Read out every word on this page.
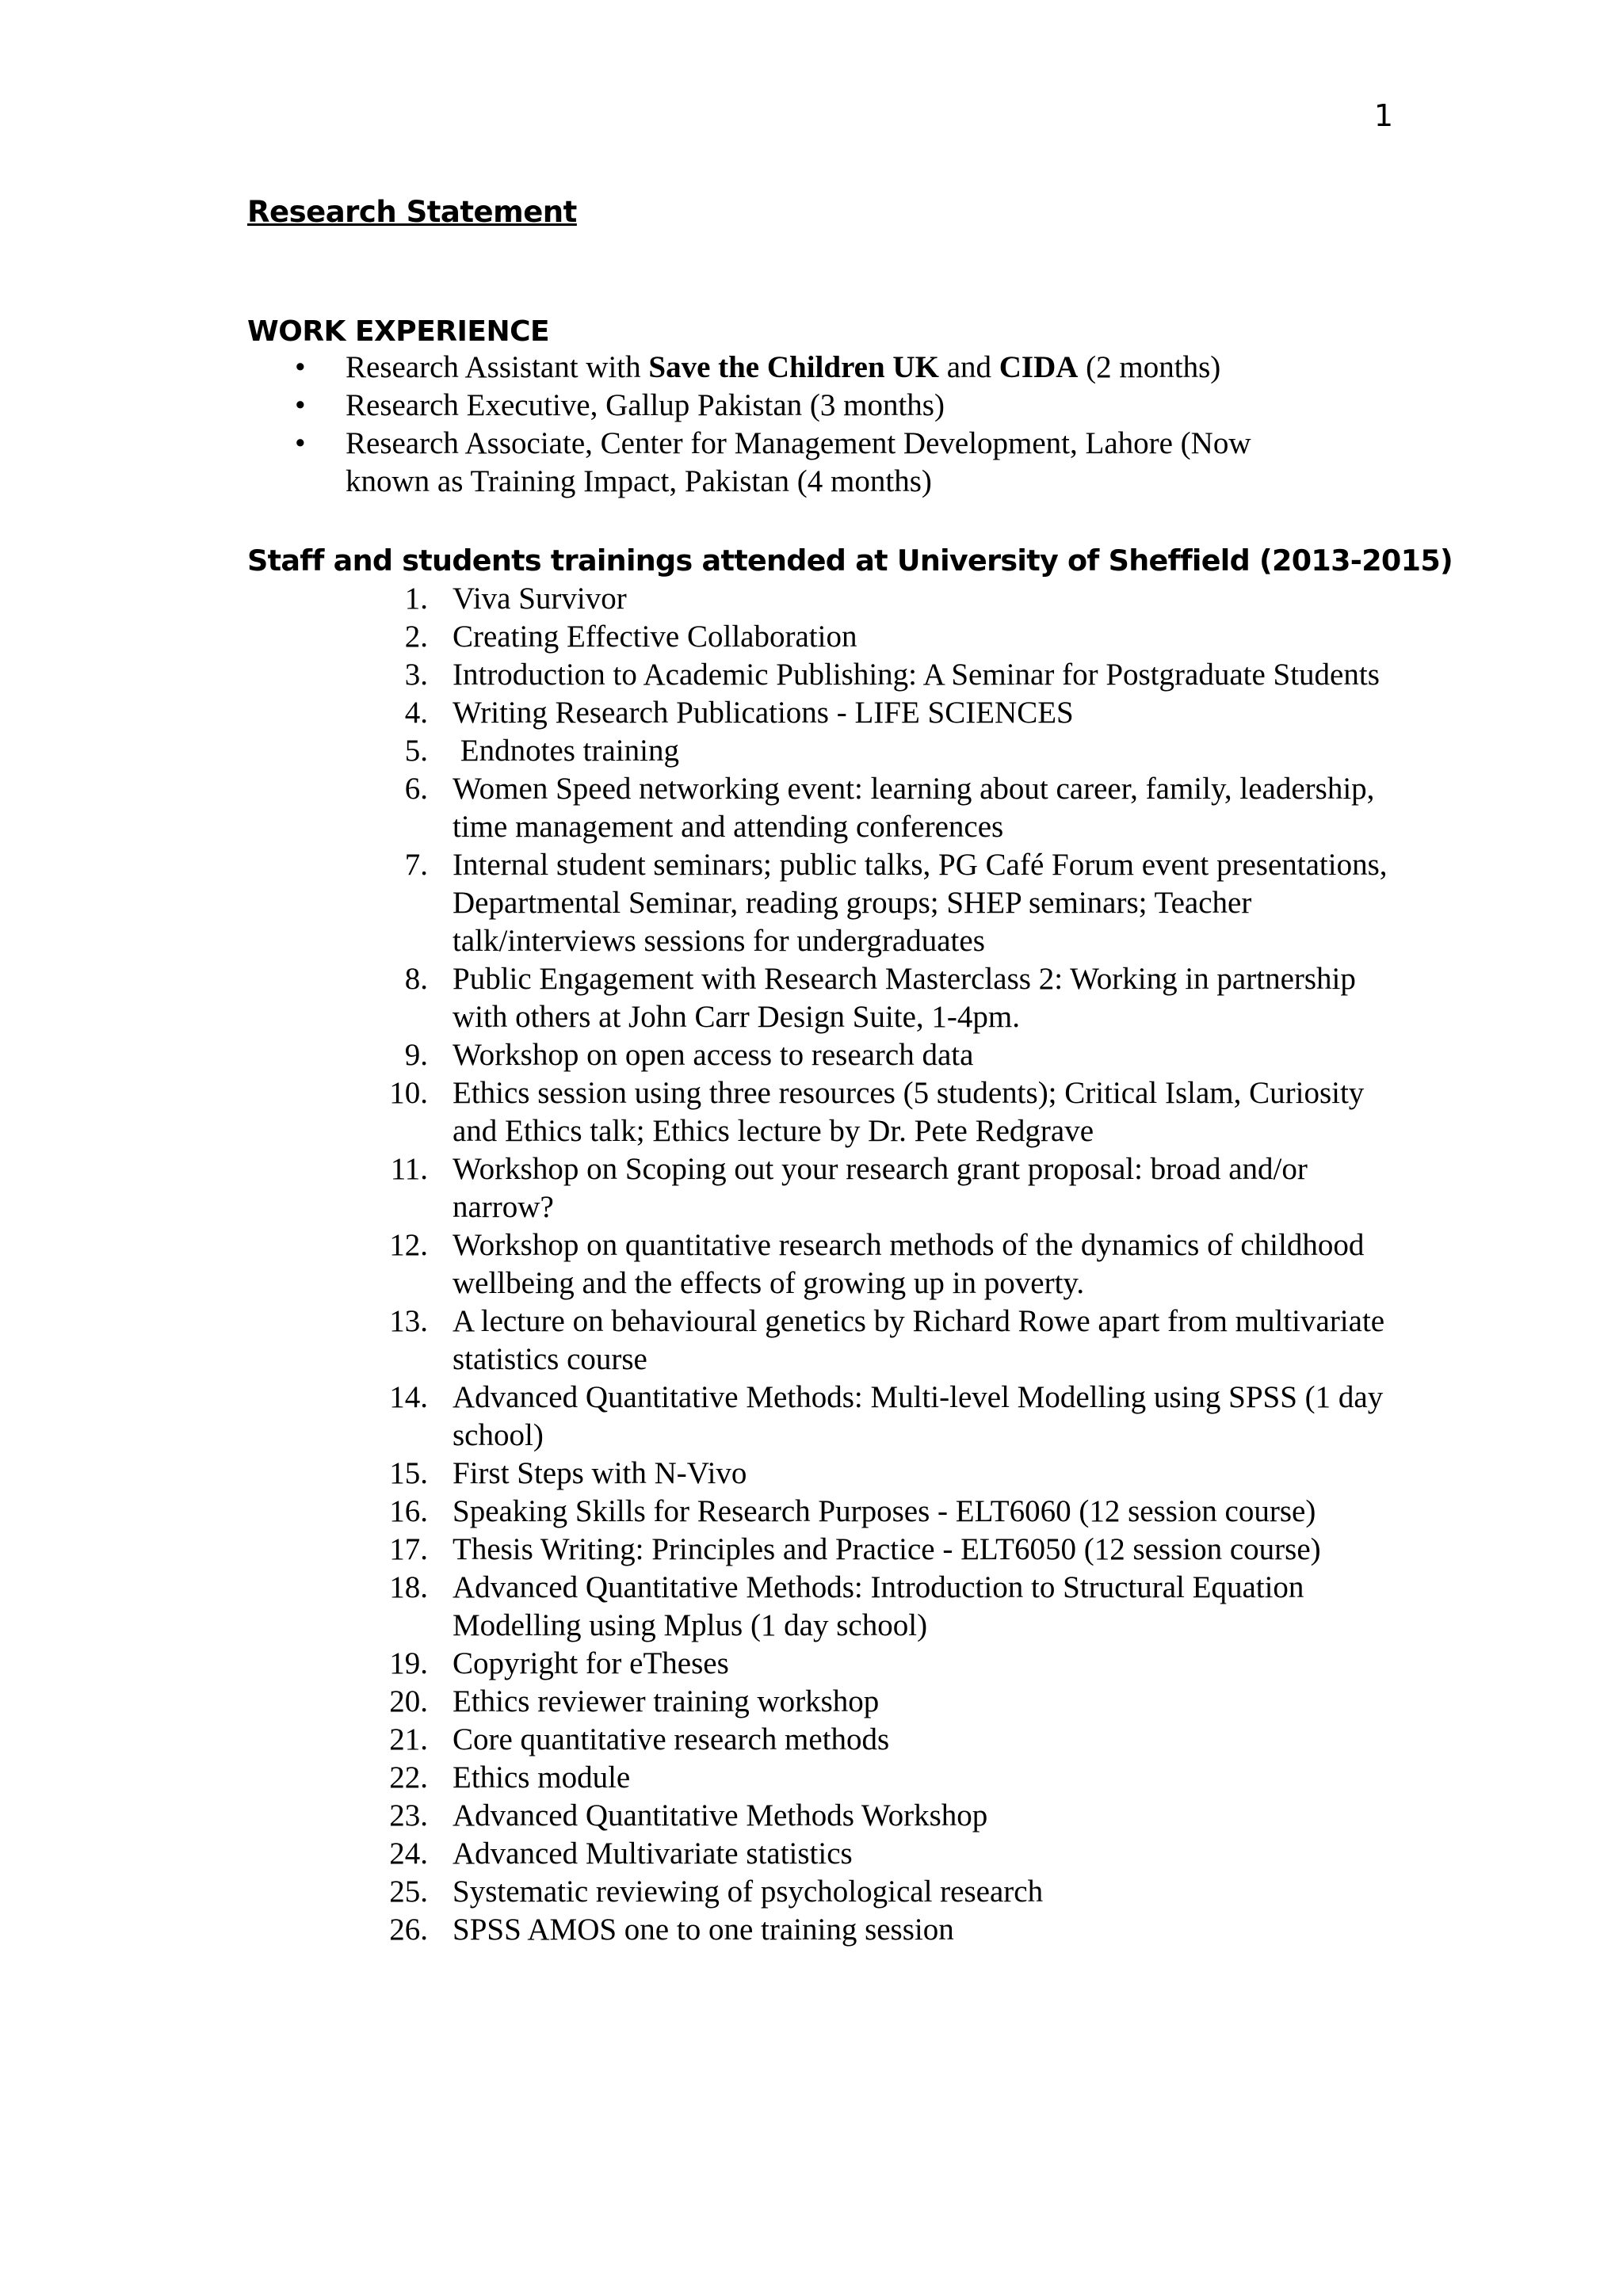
1
Research Statement
WORK EXPERIENCE
• Research Assistant with Save the Children UK and CIDA (2 months)
• Research Executive, Gallup Pakistan (3 months)
• Research Associate, Center for Management Development, Lahore (Now known as Training Impact, Pakistan (4 months)
Staff and students trainings attended at University of Sheffield (2013-2015)
1. Viva Survivor
2. Creating Effective Collaboration
3. Introduction to Academic Publishing: A Seminar for Postgraduate Students
4. Writing Research Publications - LIFE SCIENCES
5. Endnotes training
6. Women Speed networking event: learning about career, family, leadership, time management and attending conferences
7. Internal student seminars; public talks, PG Café Forum event presentations, Departmental Seminar, reading groups; SHEP seminars; Teacher talk/interviews sessions for undergraduates
8. Public Engagement with Research Masterclass 2: Working in partnership with others at John Carr Design Suite, 1-4pm.
9. Workshop on open access to research data
10. Ethics session using three resources (5 students); Critical Islam, Curiosity and Ethics talk; Ethics lecture by Dr. Pete Redgrave
11. Workshop on Scoping out your research grant proposal: broad and/or narrow?
12. Workshop on quantitative research methods of the dynamics of childhood wellbeing and the effects of growing up in poverty.
13. A lecture on behavioural genetics by Richard Rowe apart from multivariate statistics course
14. Advanced Quantitative Methods: Multi-level Modelling using SPSS (1 day school)
15. First Steps with N-Vivo
16. Speaking Skills for Research Purposes - ELT6060 (12 session course)
17. Thesis Writing: Principles and Practice - ELT6050 (12 session course)
18. Advanced Quantitative Methods: Introduction to Structural Equation Modelling using Mplus (1 day school)
19. Copyright for eTheses
20. Ethics reviewer training workshop
21. Core quantitative research methods
22. Ethics module
23. Advanced Quantitative Methods Workshop
24. Advanced Multivariate statistics
25. Systematic reviewing of psychological research
26. SPSS AMOS one to one training session
